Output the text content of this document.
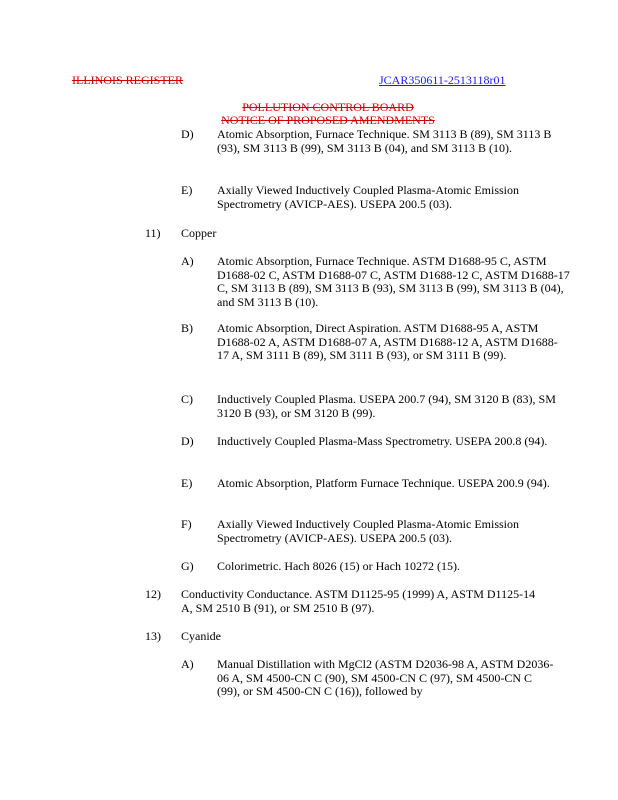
ILLINOIS REGISTER	JCAR350611-2513118r01
POLLUTION CONTROL BOARD
NOTICE OF PROPOSED AMENDMENTS
D) Atomic Absorption, Furnace Technique. SM 3113 B (89), SM 3113 B (93), SM 3113 B (99), SM 3113 B (04), and SM 3113 B (10).
E) Axially Viewed Inductively Coupled Plasma-Atomic Emission Spectrometry (AVICP-AES). USEPA 200.5 (03).
11) Copper
A) Atomic Absorption, Furnace Technique. ASTM D1688-95 C, ASTM D1688-02 C, ASTM D1688-07 C, ASTM D1688-12 C, ASTM D1688-17 C, SM 3113 B (89), SM 3113 B (93), SM 3113 B (99), SM 3113 B (04), and SM 3113 B (10).
B) Atomic Absorption, Direct Aspiration. ASTM D1688-95 A, ASTM D1688-02 A, ASTM D1688-07 A, ASTM D1688-12 A, ASTM D1688-17 A, SM 3111 B (89), SM 3111 B (93), or SM 3111 B (99).
C) Inductively Coupled Plasma. USEPA 200.7 (94), SM 3120 B (83), SM 3120 B (93), or SM 3120 B (99).
D) Inductively Coupled Plasma-Mass Spectrometry. USEPA 200.8 (94).
E) Atomic Absorption, Platform Furnace Technique. USEPA 200.9 (94).
F) Axially Viewed Inductively Coupled Plasma-Atomic Emission Spectrometry (AVICP-AES). USEPA 200.5 (03).
G) Colorimetric. Hach 8026 (15) or Hach 10272 (15).
12) Conductivity Conductance. ASTM D1125-95 (1999) A, ASTM D1125-14 A, SM 2510 B (91), or SM 2510 B (97).
13) Cyanide
A) Manual Distillation with MgCl2 (ASTM D2036-98 A, ASTM D2036-06 A, SM 4500-CN C (90), SM 4500-CN C (97), SM 4500-CN C (99), or SM 4500-CN C (16)), followed by
